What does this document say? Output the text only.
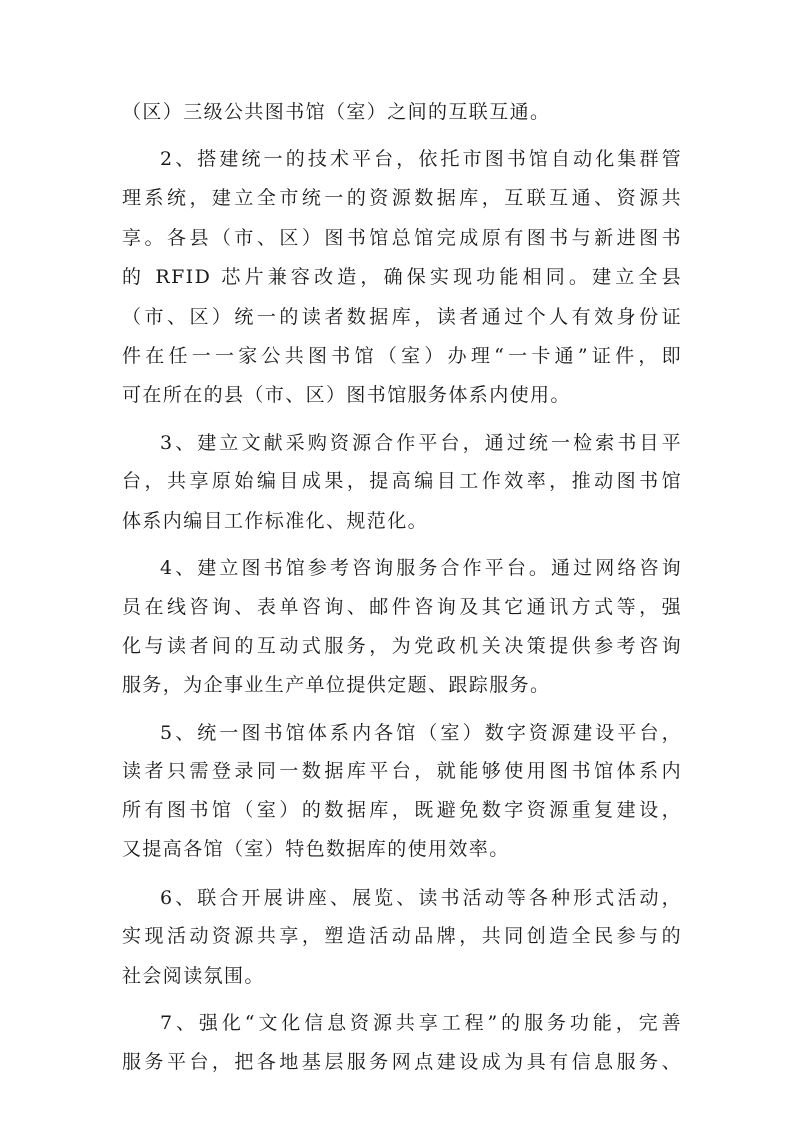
（区）三级公共图书馆（室）之间的互联互通。
2、搭建统一的技术平台，依托市图书馆自动化集群管
理系统，建立全市统一的资源数据库，互联互通、资源共
享。各县（市、区）图书馆总馆完成原有图书与新进图书
的 RFID 芯片兼容改造，确保实现功能相同。建立全县
（市、区）统一的读者数据库，读者通过个人有效身份证
件在任一一家公共图书馆（室）办理“一卡通”证件，即
可在所在的县（市、区）图书馆服务体系内使用。
3、建立文献采购资源合作平台，通过统一检索书目平
台，共享原始编目成果，提高编目工作效率，推动图书馆
体系内编目工作标准化、规范化。
4、建立图书馆参考咨询服务合作平台。通过网络咨询
员在线咨询、表单咨询、邮件咨询及其它通讯方式等，强
化与读者间的互动式服务，为党政机关决策提供参考咨询
服务，为企事业生产单位提供定题、跟踪服务。
5、统一图书馆体系内各馆（室）数字资源建设平台，
读者只需登录同一数据库平台，就能够使用图书馆体系内
所有图书馆（室）的数据库，既避免数字资源重复建设，
又提高各馆（室）特色数据库的使用效率。
6、联合开展讲座、展览、读书活动等各种形式活动，
实现活动资源共享，塑造活动品牌，共同创造全民参与的
社会阅读氛围。
7、强化“文化信息资源共享工程”的服务功能，完善
服务平台，把各地基层服务网点建设成为具有信息服务、
